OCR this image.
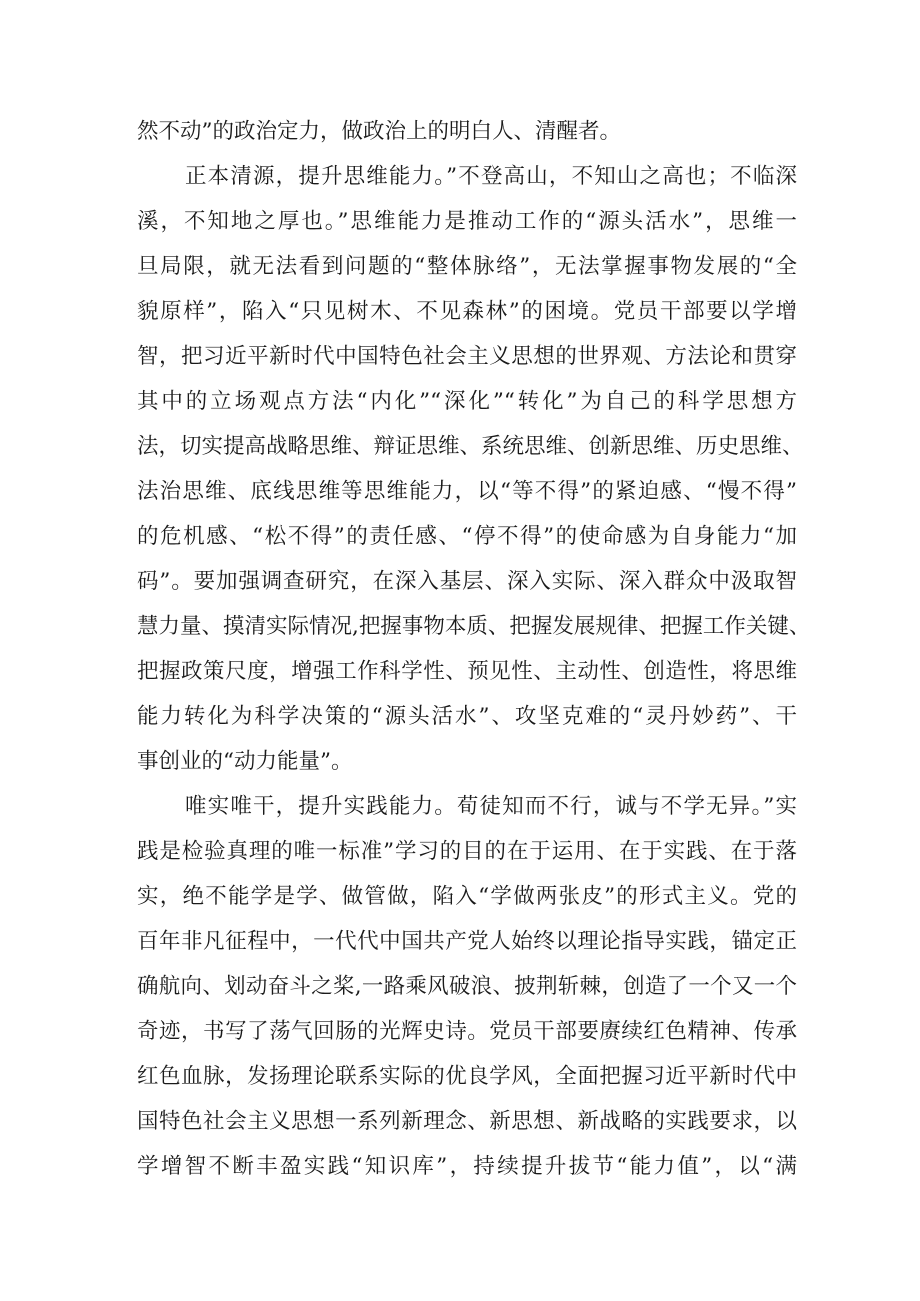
然不动”的政治定力，做政治上的明白人、清醒者。
正本清源，提升思维能力。”不登高山，不知山之高也；不临深
溪，不知地之厚也。”思维能力是推动工作的“源头活水”，思维一
旦局限，就无法看到问题的“整体脉络”，无法掌握事物发展的“全
貌原样”，陷入“只见树木、不见森林”的困境。党员干部要以学增
智，把习近平新时代中国特色社会主义思想的世界观、方法论和贯穿
其中的立场观点方法“内化”“深化”“转化”为自己的科学思想方
法，切实提高战略思维、辩证思维、系统思维、创新思维、历史思维、
法治思维、底线思维等思维能力，以“等不得”的紧迫感、“慢不得”
的危机感、“松不得”的责任感、“停不得”的使命感为自身能力“加
码”。要加强调查研究，在深入基层、深入实际、深入群众中汲取智
慧力量、摸清实际情况,把握事物本质、把握发展规律、把握工作关键、
把握政策尺度，增强工作科学性、预见性、主动性、创造性，将思维
能力转化为科学决策的“源头活水”、攻坚克难的“灵丹妙药”、干
事创业的“动力能量”。
唯实唯干，提升实践能力。荀徒知而不行，诚与不学无异。”实
践是检验真理的唯一标准”学习的目的在于运用、在于实践、在于落
实，绝不能学是学、做管做，陷入“学做两张皮”的形式主义。党的
百年非凡征程中，一代代中国共产党人始终以理论指导实践，锚定正
确航向、划动奋斗之桨,一路乘风破浪、披荆斩棘，创造了一个又一个
奇迹，书写了荡气回肠的光辉史诗。党员干部要赓续红色精神、传承
红色血脉，发扬理论联系实际的优良学风，全面把握习近平新时代中
国特色社会主义思想一系列新理念、新思想、新战略的实践要求，以
学增智不断丰盈实践“知识库”，持续提升拔节“能力值”，以“满
